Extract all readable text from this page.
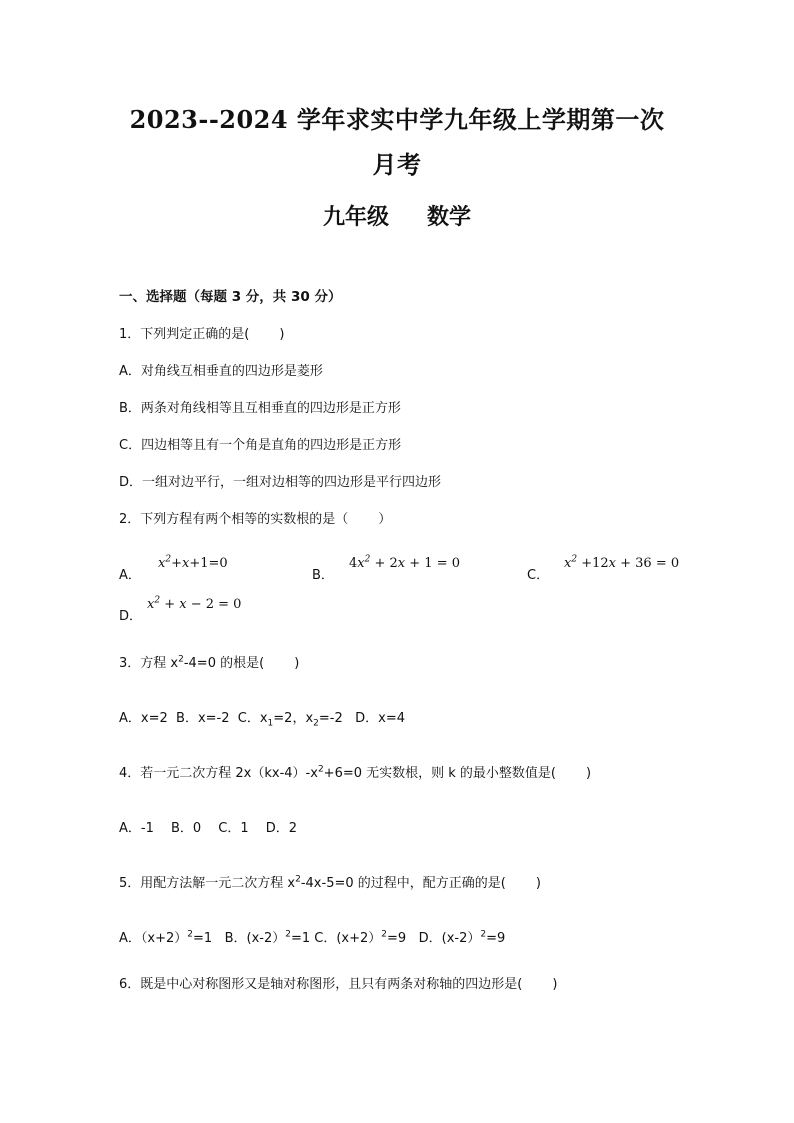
2023--2024 学年求实中学九年级上学期第一次
月考
九年级 数学
一、选择题（每题 3 分，共 30 分）
1．下列判定正确的是( )
A．对角线互相垂直的四边形是菱形
B．两条对角线相等且互相垂直的四边形是正方形
C．四边相等且有一个角是直角的四边形是正方形
D．一组对边平行，一组对边相等的四边形是平行四边形
2．下列方程有两个相等的实数根的是（ ）
A．
$x^2+x+1=0$
B．
$4x^2 + 2x + 1 = 0$
C．
$x^2 +12x + 36 = 0$
D．
$x^2 + x - 2 = 0$
3．方程 $x^2-4=0$ 的根是( )
A．x=2 B．x=-2 C．$x_1=2$，$x_2=-2$ D．x=4
4．若一元二次方程 $2x(kx-4)-x^2+6=0$ 无实数根，则 k 的最小整数值是( )
A．-1　 B．0　 C．1　 D．2
5．用配方法解一元二次方程 $x^2-4x-5=0$ 的过程中，配方正确的是( )
A．$(x+2)^2=1$ B．(x-2）$^2$=1 C．(x+2）$^2$=9 D．(x-2）$^2$=9
6．既是中心对称图形又是轴对称图形，且只有两条对称轴的四边形是( )
